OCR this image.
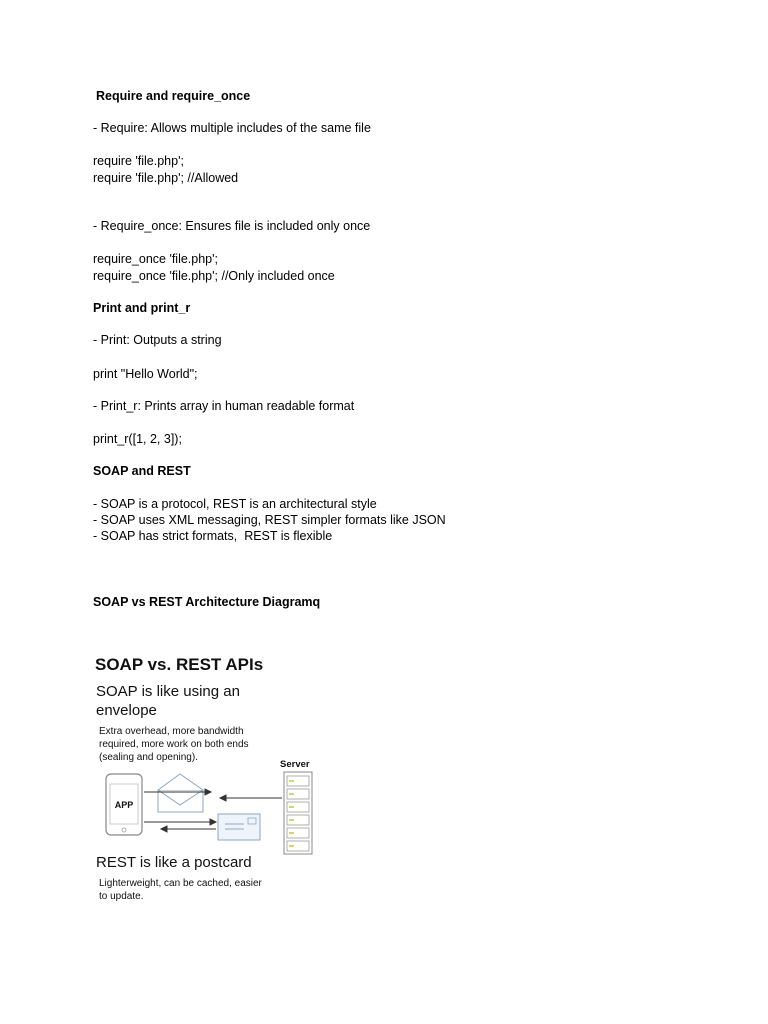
Require and require_once
- Require: Allows multiple includes of the same file
require 'file.php';
require 'file.php'; //Allowed
- Require_once: Ensures file is included only once
require_once 'file.php';
require_once 'file.php'; //Only included once
Print and print_r
- Print: Outputs a string
print "Hello World";
- Print_r: Prints array in human readable format
print_r([1, 2, 3]);
SOAP and REST
- SOAP is a protocol, REST is an architectural style
- SOAP uses XML messaging, REST simpler formats like JSON
- SOAP has strict formats,  REST is flexible
SOAP vs REST Architecture Diagramq
SOAP vs. REST APIs
SOAP is like using an
envelope
Extra overhead, more bandwidth
required, more work on both ends
(sealing and opening).
APP
Server
REST is like a postcard
Lighterweight, can be cached, easier
to update.
